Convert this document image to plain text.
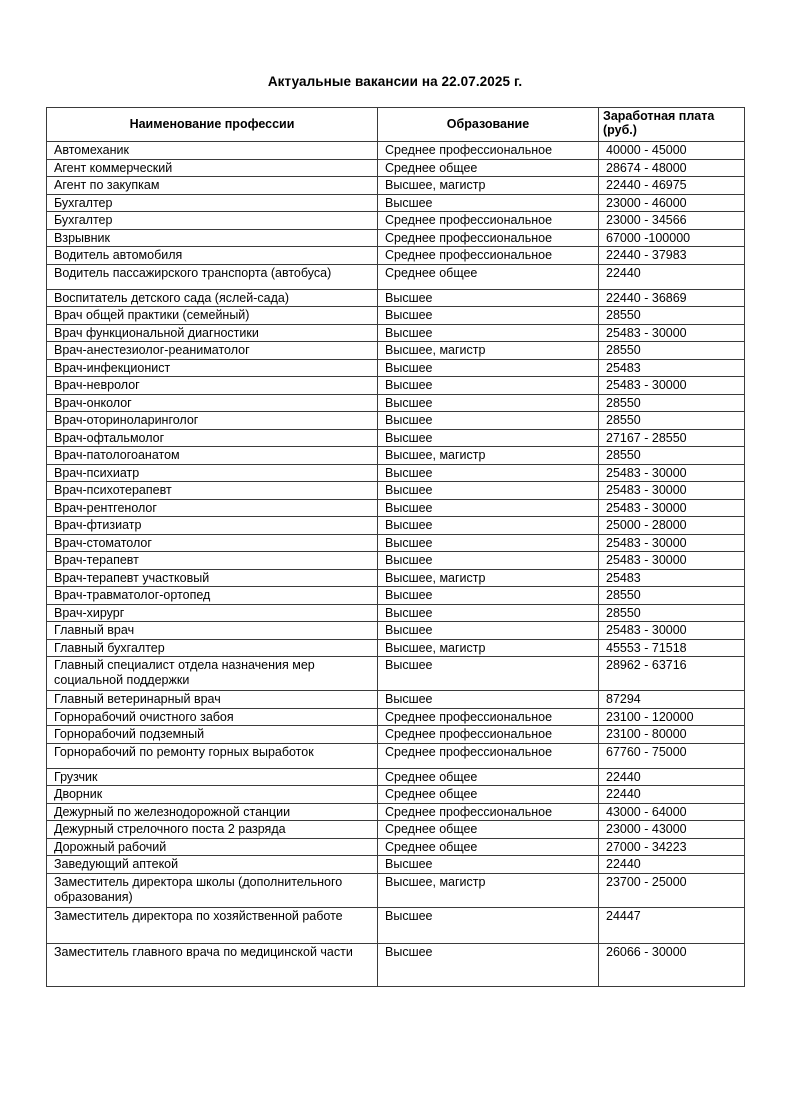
Актуальные вакансии на 22.07.2025 г.
Наименование профессии	Образование	Заработная плата (руб.)
Автомеханик	Среднее профессиональное	40000 - 45000
Агент коммерческий	Среднее общее	28674 - 48000
Агент по закупкам	Высшее, магистр	22440 - 46975
Бухгалтер	Высшее	23000 - 46000
Бухгалтер	Среднее профессиональное	23000 - 34566
Взрывник	Среднее профессиональное	67000 -100000
Водитель автомобиля	Среднее профессиональное	22440 - 37983
Водитель пассажирского транспорта (автобуса)	Среднее общее	22440
Воспитатель детского сада (яслей-сада)	Высшее	22440 - 36869
Врач общей практики (семейный)	Высшее	28550
Врач функциональной диагностики	Высшее	25483 - 30000
Врач-анестезиолог-реаниматолог	Высшее, магистр	28550
Врач-инфекционист	Высшее	25483
Врач-невролог	Высшее	25483 - 30000
Врач-онколог	Высшее	28550
Врач-оториноларинголог	Высшее	28550
Врач-офтальмолог	Высшее	27167 - 28550
Врач-патологоанатом	Высшее, магистр	28550
Врач-психиатр	Высшее	25483 - 30000
Врач-психотерапевт	Высшее	25483 - 30000
Врач-рентгенолог	Высшее	25483 - 30000
Врач-фтизиатр	Высшее	25000 - 28000
Врач-стоматолог	Высшее	25483 - 30000
Врач-терапевт	Высшее	25483 - 30000
Врач-терапевт участковый	Высшее, магистр	25483
Врач-травматолог-ортопед	Высшее	28550
Врач-хирург	Высшее	28550
Главный врач	Высшее	25483 - 30000
Главный бухгалтер	Высшее, магистр	45553 - 71518
Главный специалист отдела назначения мер социальной поддержки	Высшее	28962 - 63716
Главный ветеринарный врач	Высшее	87294
Горнорабочий очистного забоя	Среднее профессиональное	23100 - 120000
Горнорабочий подземный	Среднее профессиональное	23100 - 80000
Горнорабочий по ремонту горных выработок	Среднее профессиональное	67760 - 75000
Грузчик	Среднее общее	22440
Дворник	Среднее общее	22440
Дежурный по железнодорожной станции	Среднее профессиональное	43000 - 64000
Дежурный стрелочного поста 2 разряда	Среднее общее	23000 - 43000
Дорожный рабочий	Среднее общее	27000 - 34223
Заведующий аптекой	Высшее	22440
Заместитель директора школы (дополнительного образования)	Высшее, магистр	23700 - 25000
Заместитель директора по хозяйственной работе	Высшее	24447
Заместитель главного врача по медицинской части	Высшее	26066 - 30000
